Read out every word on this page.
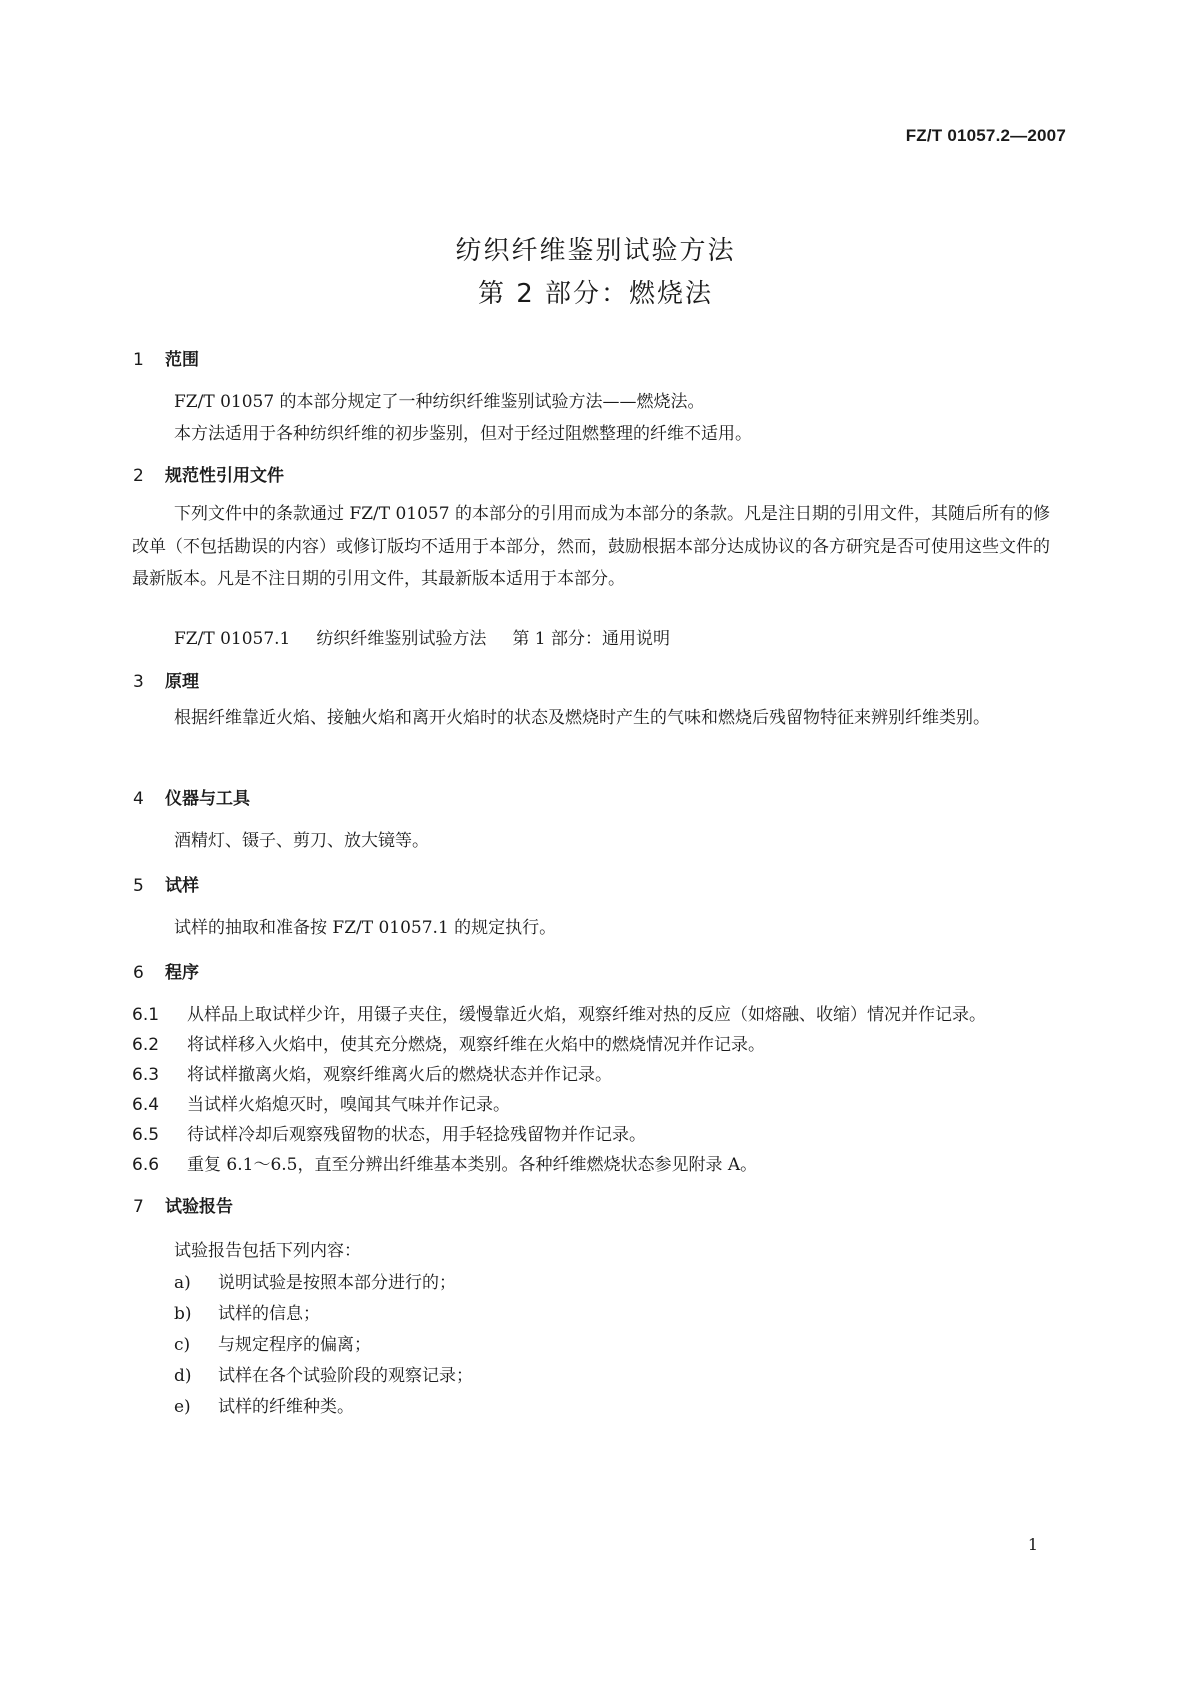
FZ/T 01057.2—2007
纺织纤维鉴别试验方法
第 2 部分：燃烧法
1 范围
FZ/T 01057 的本部分规定了一种纺织纤维鉴别试验方法——燃烧法。
本方法适用于各种纺织纤维的初步鉴别，但对于经过阻燃整理的纤维不适用。
2 规范性引用文件
下列文件中的条款通过 FZ/T 01057 的本部分的引用而成为本部分的条款。凡是注日期的引用文件，其随后所有的修改单（不包括勘误的内容）或修订版均不适用于本部分，然而，鼓励根据本部分达成协议的各方研究是否可使用这些文件的最新版本。凡是不注日期的引用文件，其最新版本适用于本部分。
FZ/T 01057.1 纺织纤维鉴别试验方法 第 1 部分：通用说明
3 原理
根据纤维靠近火焰、接触火焰和离开火焰时的状态及燃烧时产生的气味和燃烧后残留物特征来辨别纤维类别。
4 仪器与工具
酒精灯、镊子、剪刀、放大镜等。
5 试样
试样的抽取和准备按 FZ/T 01057.1 的规定执行。
6 程序
6.1 从样品上取试样少许，用镊子夹住，缓慢靠近火焰，观察纤维对热的反应（如熔融、收缩）情况并作记录。
6.2 将试样移入火焰中，使其充分燃烧，观察纤维在火焰中的燃烧情况并作记录。
6.3 将试样撤离火焰，观察纤维离火后的燃烧状态并作记录。
6.4 当试样火焰熄灭时，嗅闻其气味并作记录。
6.5 待试样冷却后观察残留物的状态，用手轻捻残留物并作记录。
6.6 重复 6.1～6.5，直至分辨出纤维基本类别。各种纤维燃烧状态参见附录 A。
7 试验报告
试验报告包括下列内容：
a) 说明试验是按照本部分进行的；
b) 试样的信息；
c) 与规定程序的偏离；
d) 试样在各个试验阶段的观察记录；
e) 试样的纤维种类。
1
